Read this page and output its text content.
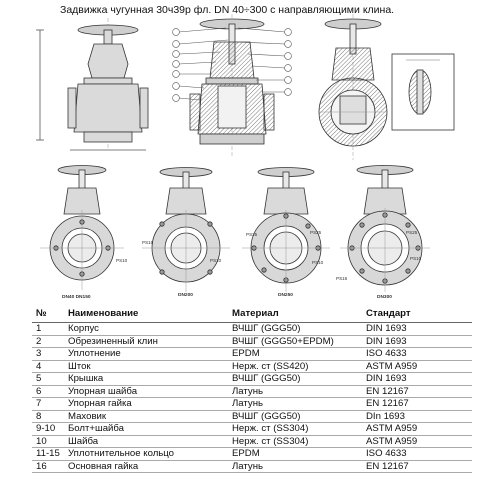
Задвижка чугунная 30ч39р фл. DN 40÷300 с направляющими клина.
РЅ10
РЅ16
РЅ10
РЅ25	РЅ25
РЅ10
РЅ16
РЅ25
РЅ10
DN40 DN150	DN200	DN250	DN300
№	Наименование	Материал	Стандарт
1	Корпус	ВЧШГ (GGG50)	DIN 1693
2	Обрезиненный клин	ВЧШГ (GGG50+EPDM)	DIN 1693
3	Уплотнение	EPDM	ISO 4633
4	Шток	Нерж. ст (SS420)	ASTM A959
5	Крышка	ВЧШГ (GGG50)	DIN 1693
6	Упорная шайба	Латунь	EN 12167
7	Упорная гайка	Латунь	EN 12167
8	Маховик	ВЧШГ (GGG50)	DIn 1693
9-10	Болт+шайба	Нерж. ст (SS304)	ASTM A959
10	Шайба	Нерж. ст (SS304)	ASTM A959
11-15	Уплотнительное кольцо	EPDM	ISO 4633
16	Основная гайка	Латунь	EN 12167
